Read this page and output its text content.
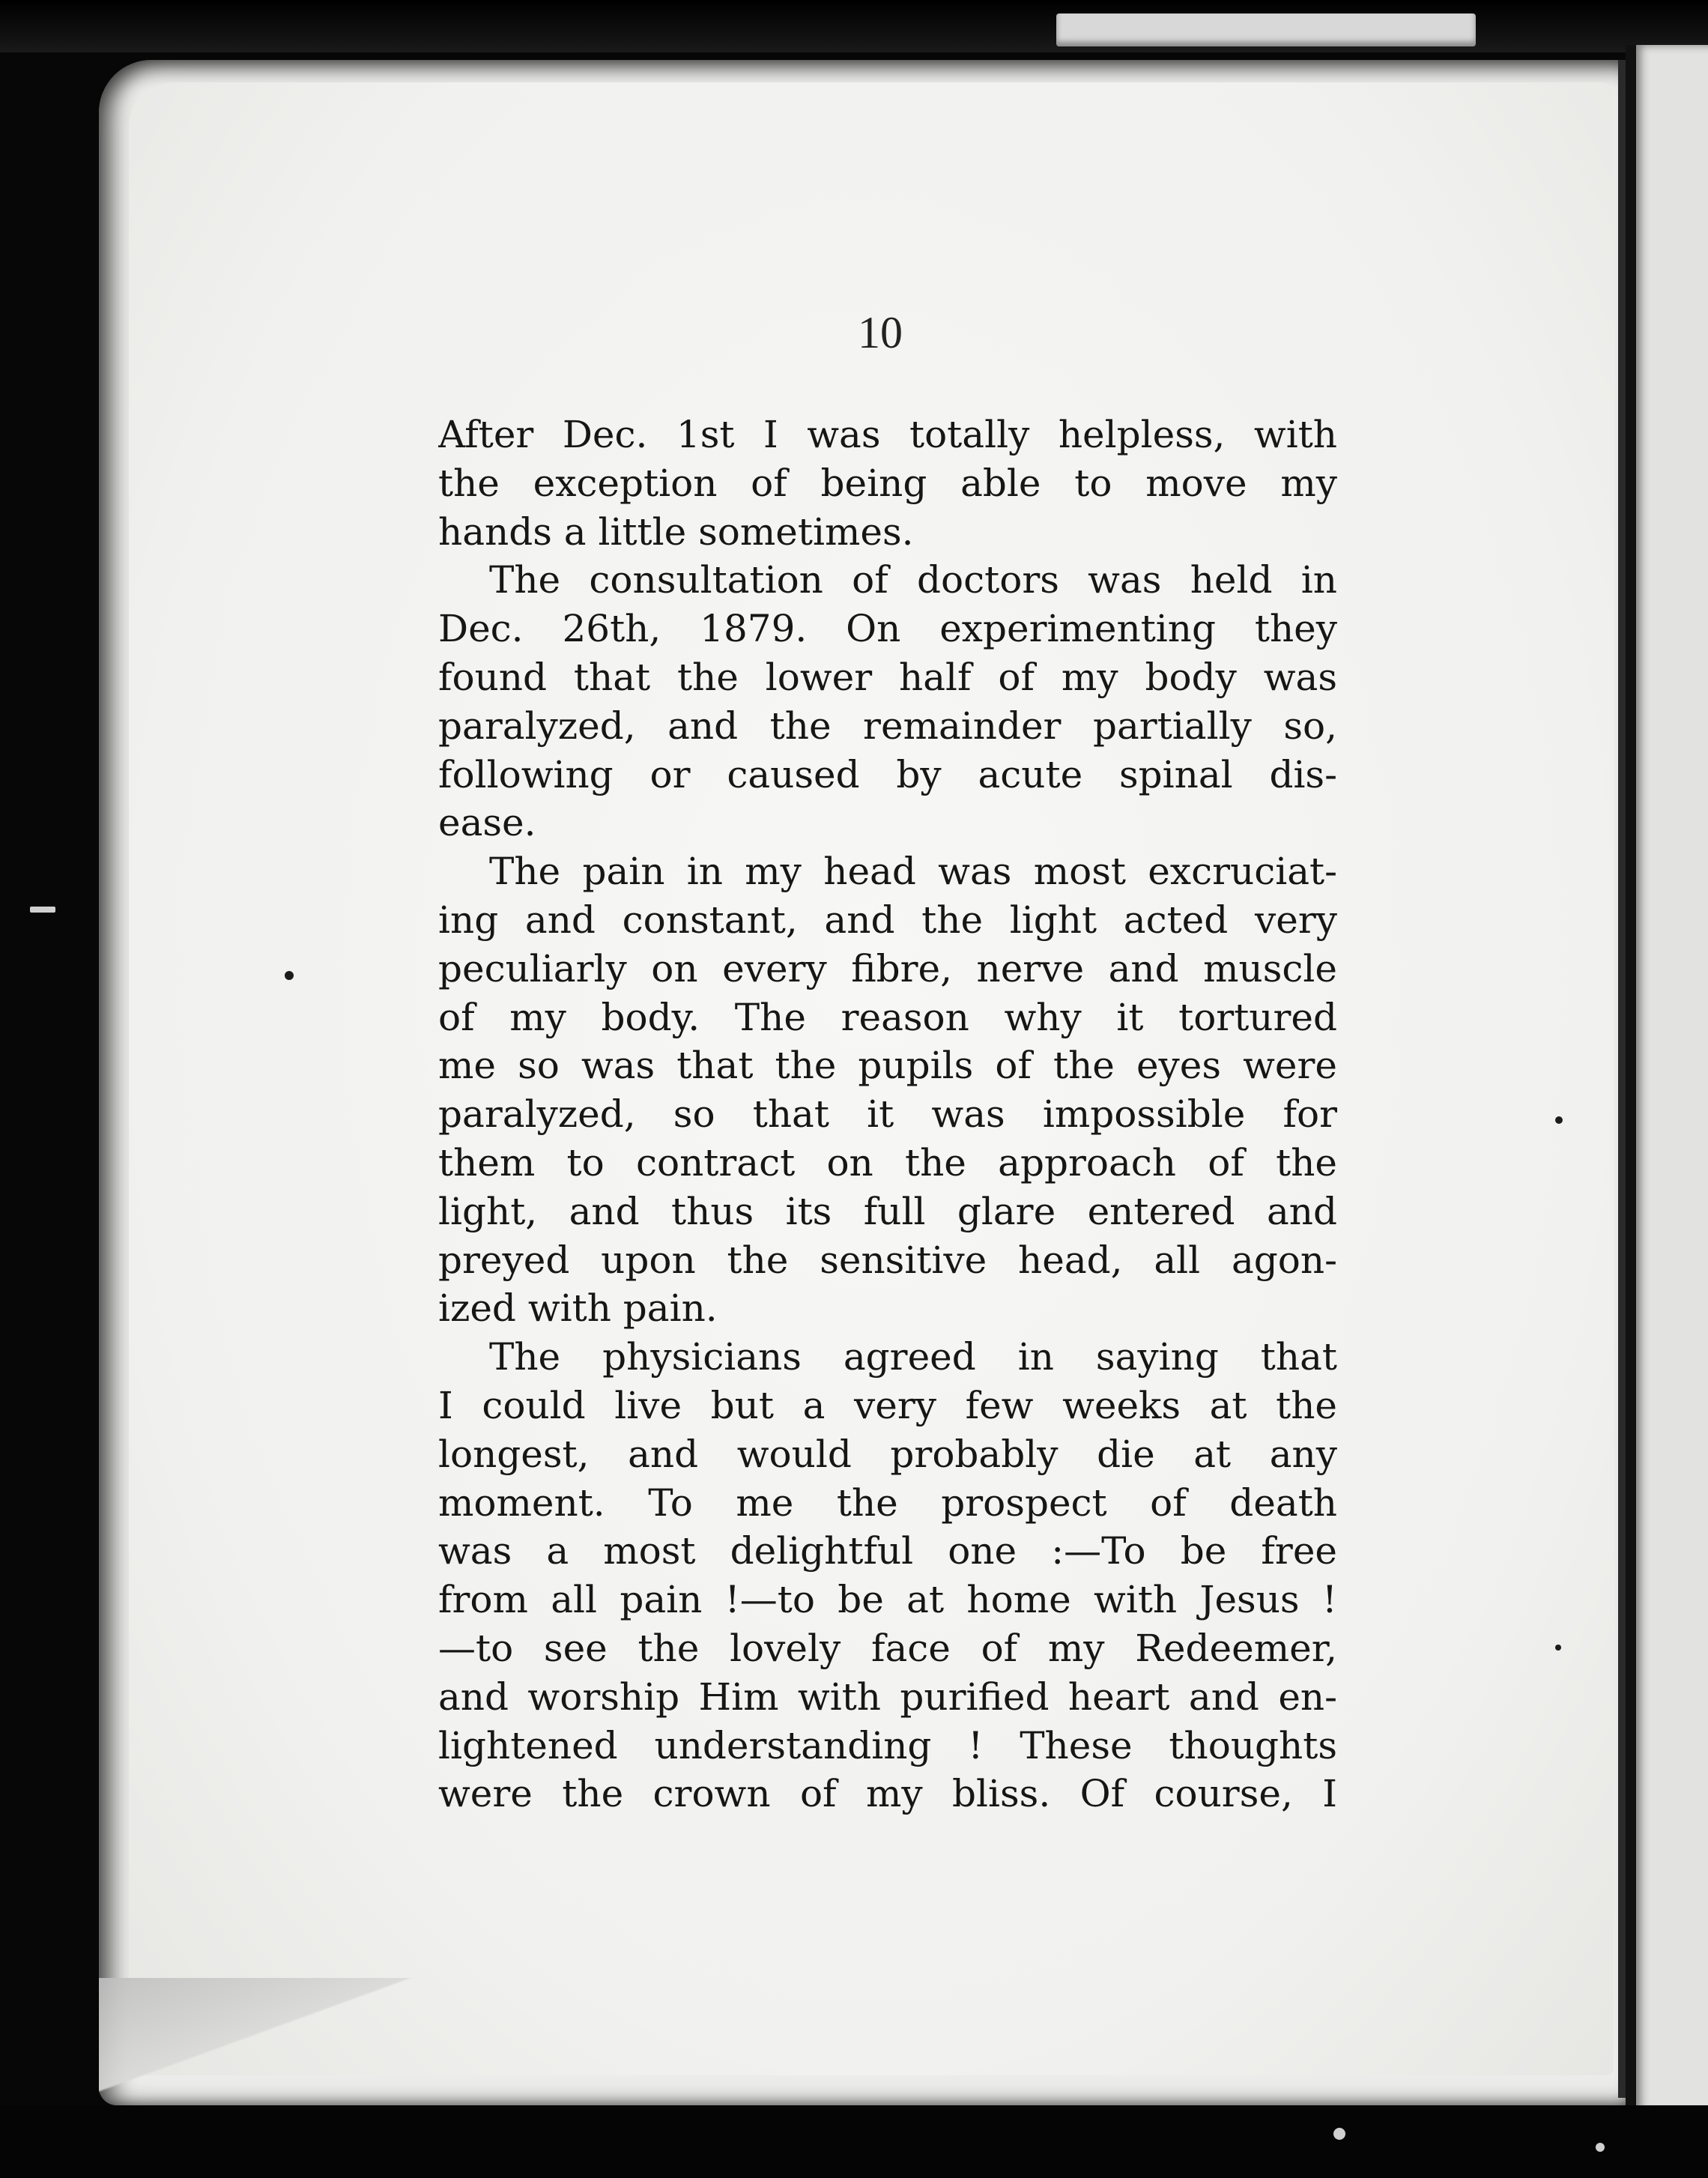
10
After Dec. 1st I was totally helpless, with
the exception of being able to move my
hands a little sometimes.
The consultation of doctors was held in
Dec. 26th, 1879. On experimenting they
found that the lower half of my body was
paralyzed, and the remainder partially so,
following or caused by acute spinal dis-
ease.
The pain in my head was most excruciat-
ing and constant, and the light acted very
peculiarly on every fibre, nerve and muscle
of my body. The reason why it tortured
me so was that the pupils of the eyes were
paralyzed, so that it was impossible for
them to contract on the approach of the
light, and thus its full glare entered and
preyed upon the sensitive head, all agon-
ized with pain.
The physicians agreed in saying that
I could live but a very few weeks at the
longest, and would probably die at any
moment. To me the prospect of death
was a most delightful one :—To be free
from all pain !—to be at home with Jesus !
—to see the lovely face of my Redeemer,
and worship Him with purified heart and en-
lightened understanding ! These thoughts
were the crown of my bliss. Of course, I
